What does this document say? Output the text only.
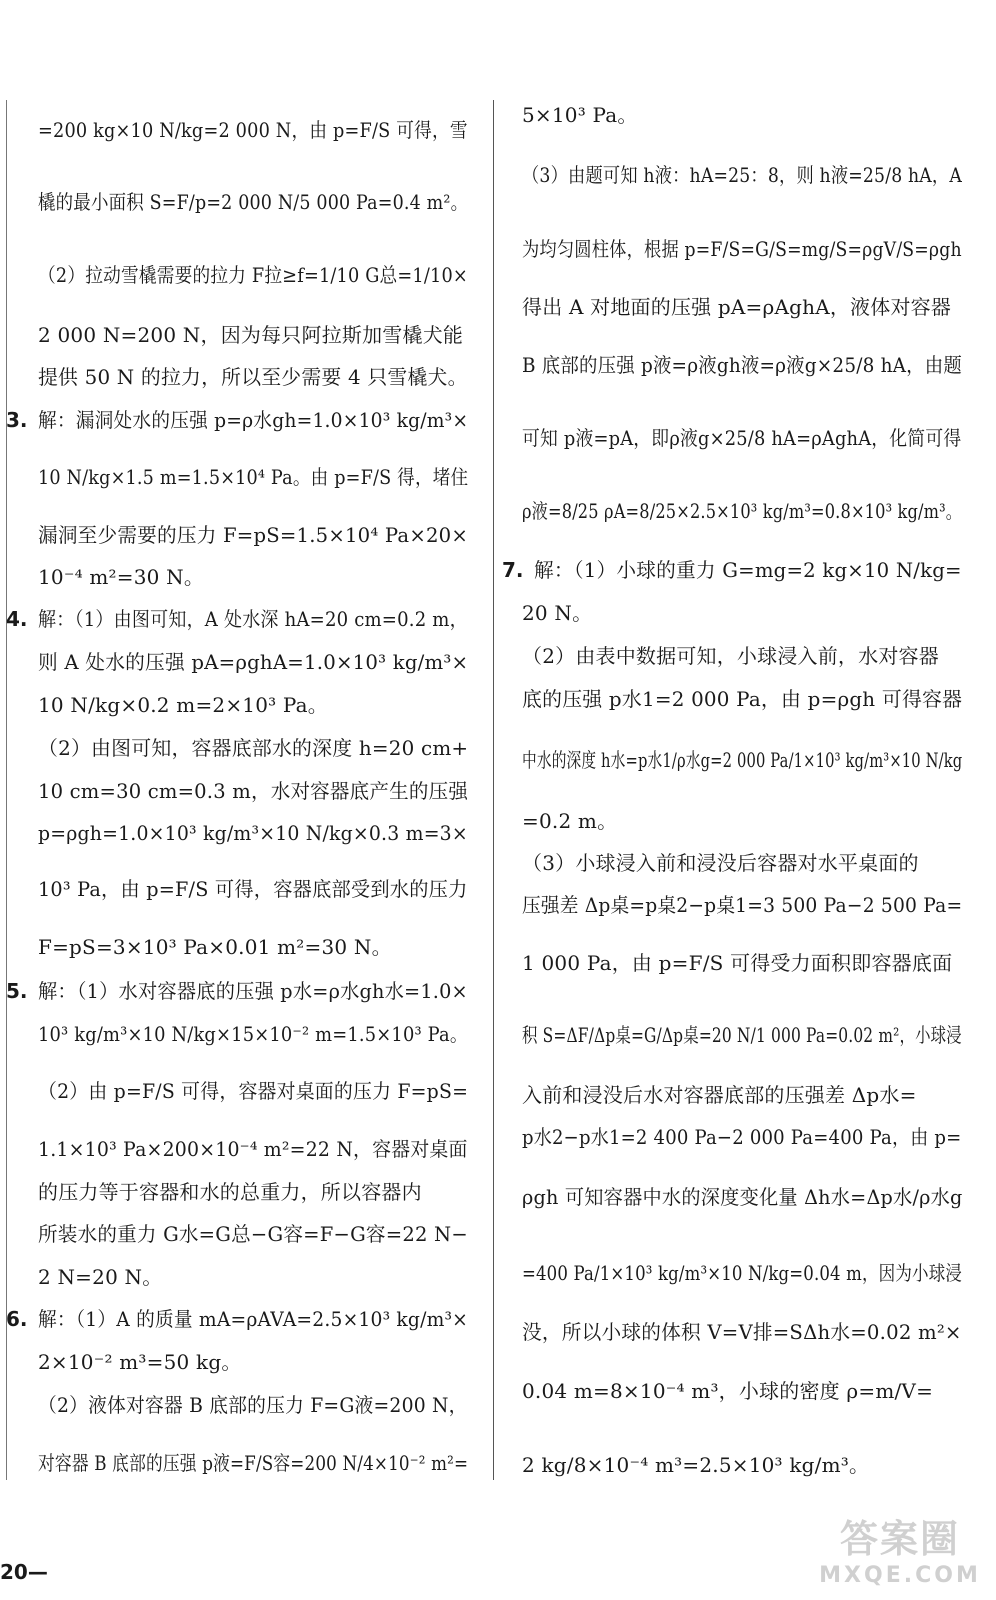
=200 kg×10 N/kg=2 000 N，由 p=F/S 可得，雪
橇的最小面积 S=F/p=2 000 N/5 000 Pa=0.4 m²。
（2）拉动雪橇需要的拉力 F拉≥f=1/10 G总=1/10×
2 000 N=200 N，因为每只阿拉斯加雪橇犬能
提供 50 N 的拉力，所以至少需要 4 只雪橇犬。
3. 解：漏洞处水的压强 p=ρ水gh=1.0×10³ kg/m³×
10 N/kg×1.5 m=1.5×10⁴ Pa。由 p=F/S 得，堵住
漏洞至少需要的压力 F=pS=1.5×10⁴ Pa×20×
10⁻⁴ m²=30 N。
4. 解：（1）由图可知，A 处水深 hA=20 cm=0.2 m，
则 A 处水的压强 pA=ρghA=1.0×10³ kg/m³×
10 N/kg×0.2 m=2×10³ Pa。
（2）由图可知，容器底部水的深度 h=20 cm+
10 cm=30 cm=0.3 m，水对容器底产生的压强
p=ρgh=1.0×10³ kg/m³×10 N/kg×0.3 m=3×
10³ Pa，由 p=F/S 可得，容器底部受到水的压力
F=pS=3×10³ Pa×0.01 m²=30 N。
5. 解：（1）水对容器底的压强 p水=ρ水gh水=1.0×
10³ kg/m³×10 N/kg×15×10⁻² m=1.5×10³ Pa。
（2）由 p=F/S 可得，容器对桌面的压力 F=pS=
1.1×10³ Pa×200×10⁻⁴ m²=22 N，容器对桌面
的压力等于容器和水的总重力，所以容器内
所装水的重力 G水=G总−G容=F−G容=22 N−
2 N=20 N。
6. 解：（1）A 的质量 mA=ρAVA=2.5×10³ kg/m³×
2×10⁻² m³=50 kg。
（2）液体对容器 B 底部的压力 F=G液=200 N，
对容器 B 底部的压强 p液=F/S容=200 N/4×10⁻² m²=
5×10³ Pa。
（3）由题可知 h液：hA=25：8，则 h液=25/8 hA，A
为均匀圆柱体，根据 p=F/S=G/S=mg/S=ρgV/S=ρgh
得出 A 对地面的压强 pA=ρAghA，液体对容器
B 底部的压强 p液=ρ液gh液=ρ液g×25/8 hA，由题
可知 p液=pA，即ρ液g×25/8 hA=ρAghA，化简可得
ρ液=8/25 ρA=8/25×2.5×10³ kg/m³=0.8×10³ kg/m³。
7. 解：（1）小球的重力 G=mg=2 kg×10 N/kg=
20 N。
（2）由表中数据可知，小球浸入前，水对容器
底的压强 p水1=2 000 Pa，由 p=ρgh 可得容器
中水的深度 h水=p水1/ρ水g=2 000 Pa/1×10³ kg/m³×10 N/kg
=0.2 m。
（3）小球浸入前和浸没后容器对水平桌面的
压强差 Δp桌=p桌2−p桌1=3 500 Pa−2 500 Pa=
1 000 Pa，由 p=F/S 可得受力面积即容器底面
积 S=ΔF/Δp桌=G/Δp桌=20 N/1 000 Pa=0.02 m²，小球浸
入前和浸没后水对容器底部的压强差 Δp水=
p水2−p水1=2 400 Pa−2 000 Pa=400 Pa，由 p=
ρgh 可知容器中水的深度变化量 Δh水=Δp水/ρ水g
=400 Pa/1×10³ kg/m³×10 N/kg=0.04 m，因为小球浸
没，所以小球的体积 V=V排=SΔh水=0.02 m²×
0.04 m=8×10⁻⁴ m³，小球的密度 ρ=m/V=
2 kg/8×10⁻⁴ m³=2.5×10³ kg/m³。
20—
答案圈
MXQE.COM
